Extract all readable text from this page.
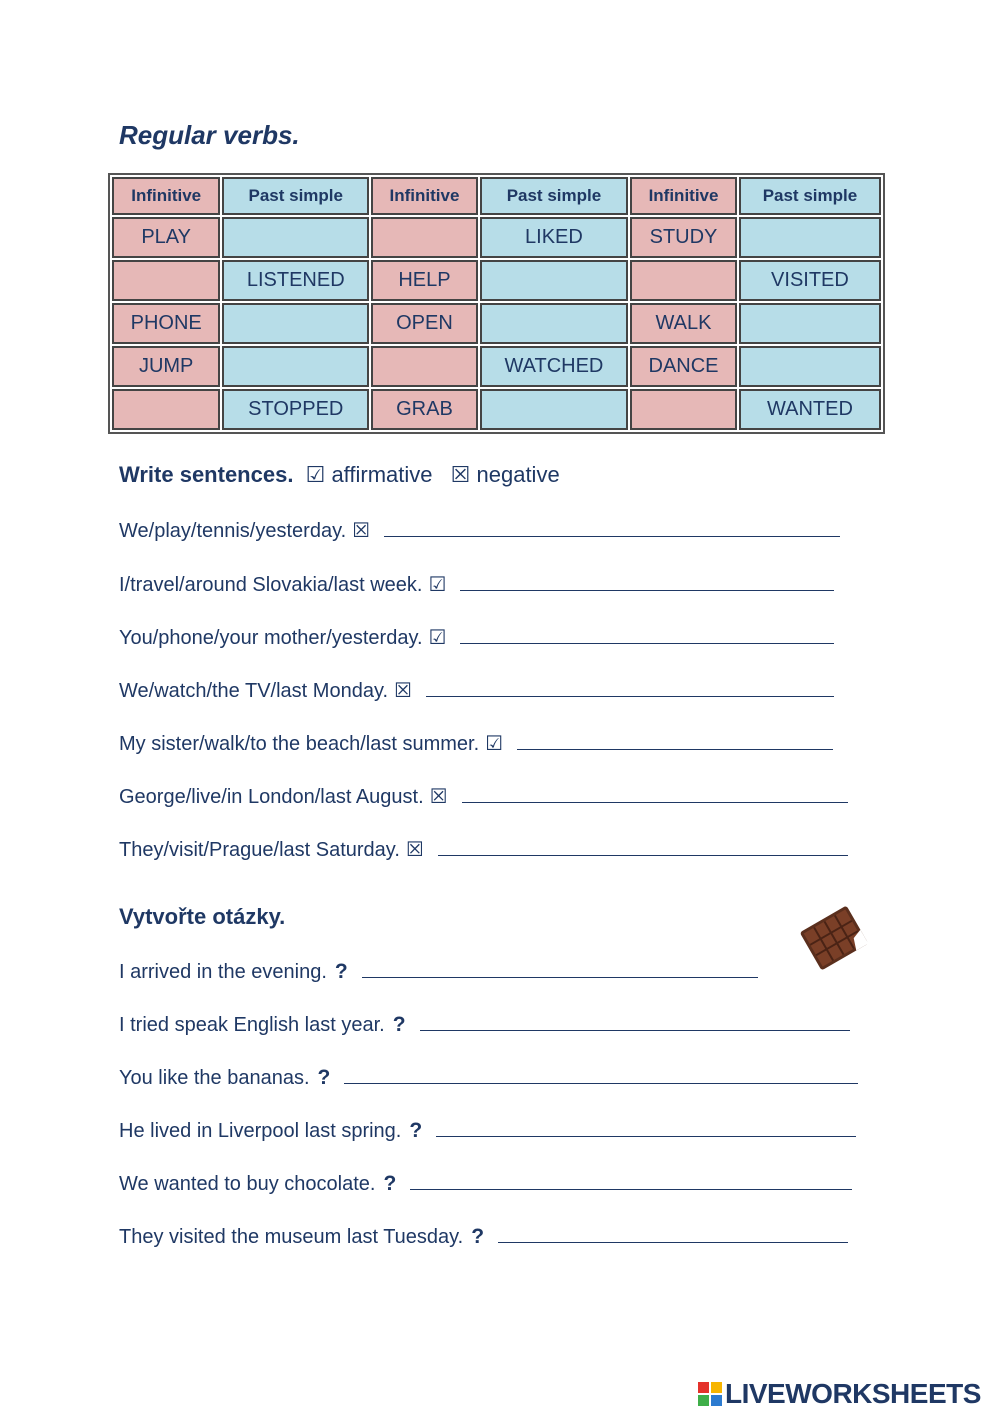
Regular verbs.
Infinitive	Past simple	Infinitive	Past simple	Infinitive	Past simple
PLAY			LIKED	STUDY	
	LISTENED	HELP			VISITED
PHONE		OPEN		WALK	
JUMP			WATCHED	DANCE	
	STOPPED	GRAB			WANTED
Write sentences. ☑ affirmative ☒ negative
We/play/tennis/yesterday. ☒
I/travel/around Slovakia/last week. ☑
You/phone/your mother/yesterday. ☑
We/watch/the TV/last Monday. ☒
My sister/walk/to the beach/last summer. ☑
George/live/in London/last August. ☒
They/visit/Prague/last Saturday. ☒
Vytvořte otázky.
I arrived in the evening. ?
I tried speak English last year. ?
You like the bananas. ?
He lived in Liverpool last spring. ?
We wanted to buy chocolate. ?
They visited the museum last Tuesday. ?
LIVEWORKSHEETS
